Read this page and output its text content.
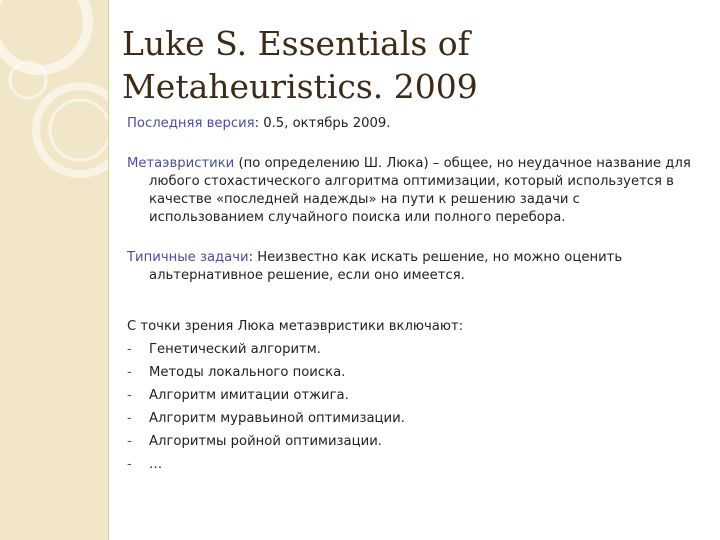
Luke S. Essentials of
Metaheuristics. 2009

Последняя версия: 0.5, октябрь 2009.

Метаэвристики (по определению Ш. Люка) – общее, но неудачное название для любого стохастического алгоритма оптимизации, который используется в качестве «последней надежды» на пути к решению задачи с использованием случайного поиска или полного перебора.

Типичные задачи: Неизвестно как искать решение, но можно оценить альтернативное решение, если оно имеется.

С точки зрения Люка метаэвристики включают:

- Генетический алгоритм.
- Методы локального поиска.
- Алгоритм имитации отжига.
- Алгоритм муравьиной оптимизации.
- Алгоритмы ройной оптимизации.
- …
